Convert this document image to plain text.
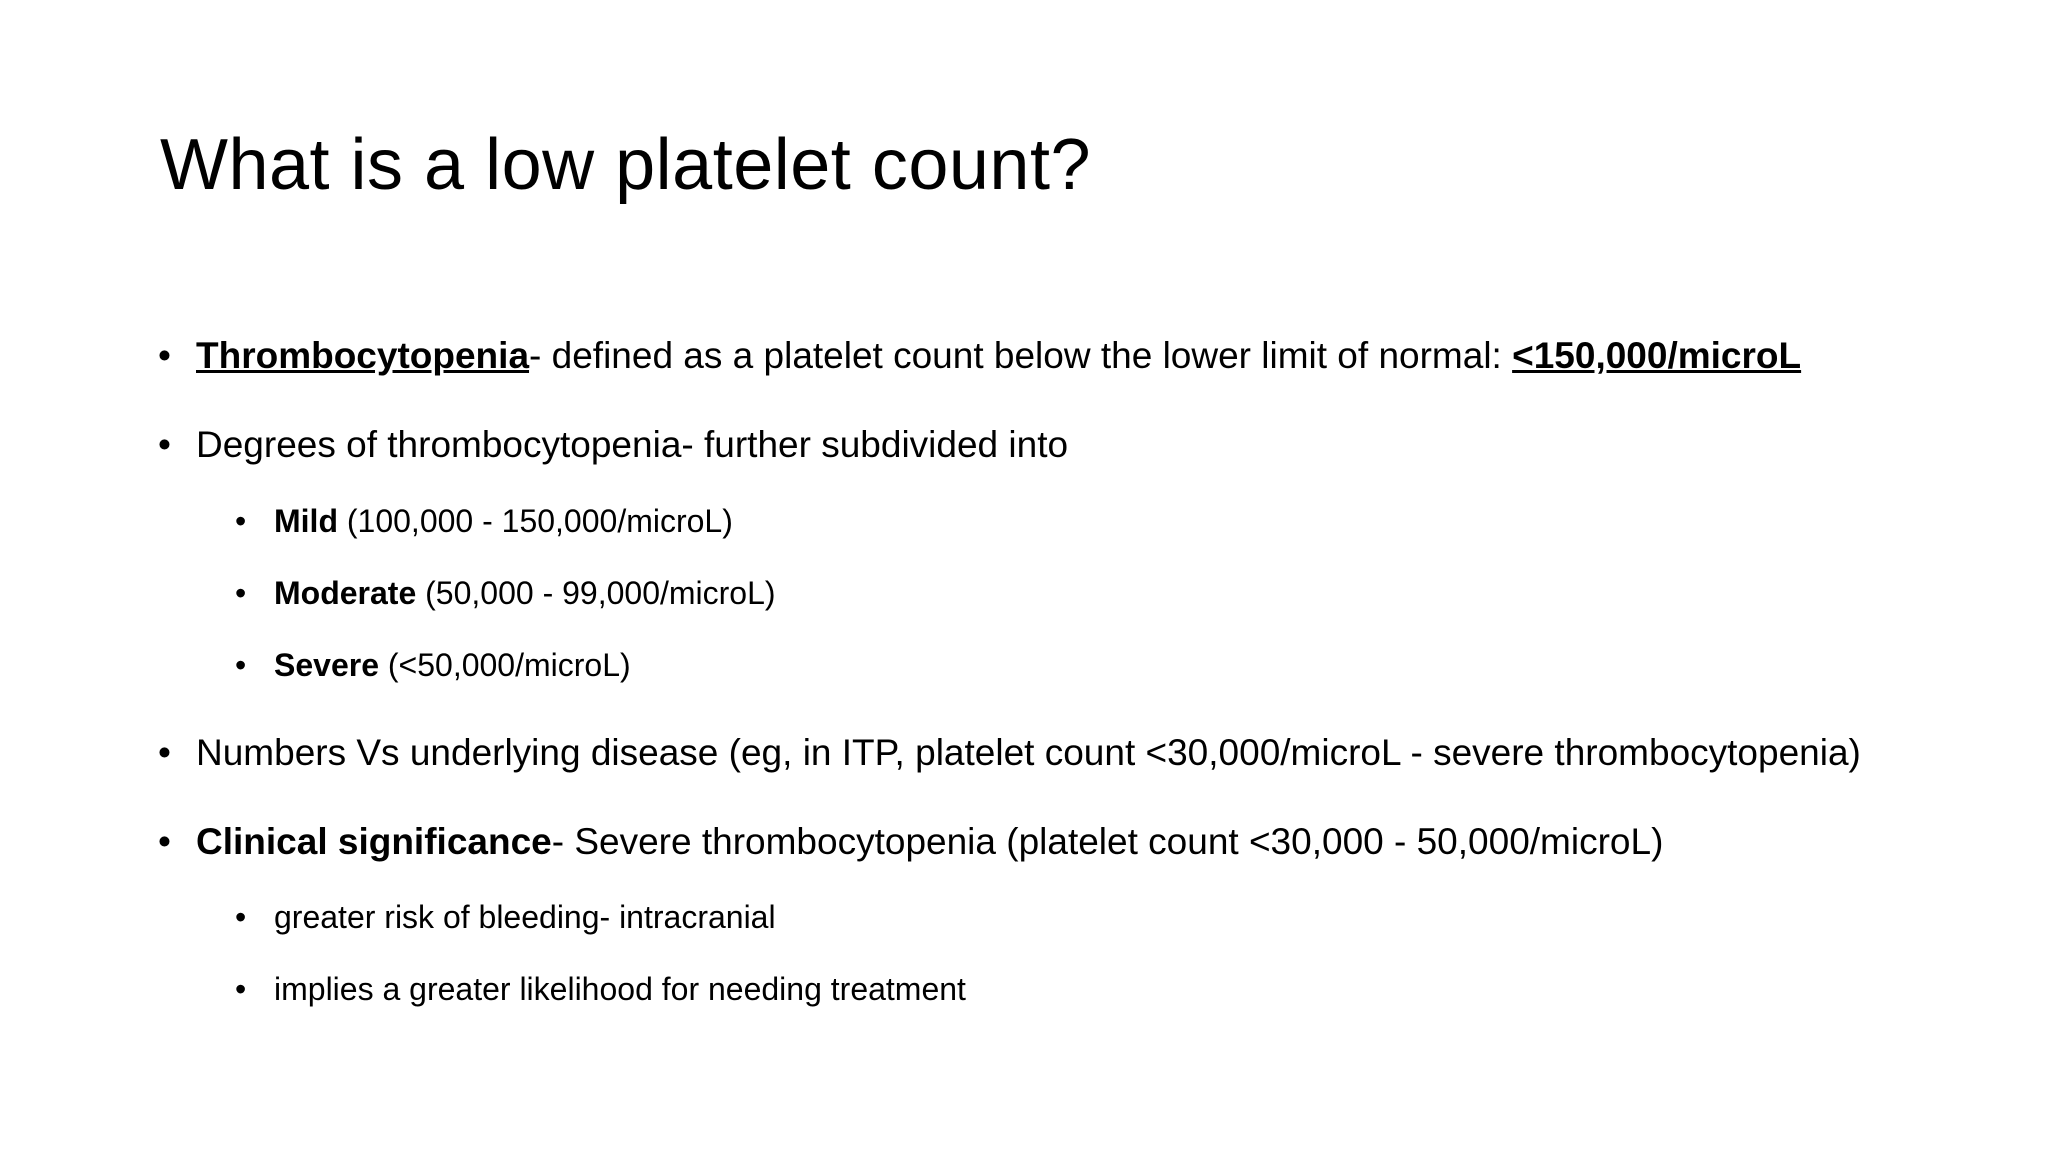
What is a low platelet count?
• Thrombocytopenia- defined as a platelet count below the lower limit of normal: <150,000/microL
• Degrees of thrombocytopenia- further subdivided into
• Mild (100,000 - 150,000/microL)
• Moderate (50,000 - 99,000/microL)
• Severe (<50,000/microL)
• Numbers Vs underlying disease (eg, in ITP, platelet count <30,000/microL - severe thrombocytopenia)
• Clinical significance- Severe thrombocytopenia (platelet count <30,000 - 50,000/microL)
• greater risk of bleeding- intracranial
• implies a greater likelihood for needing treatment
